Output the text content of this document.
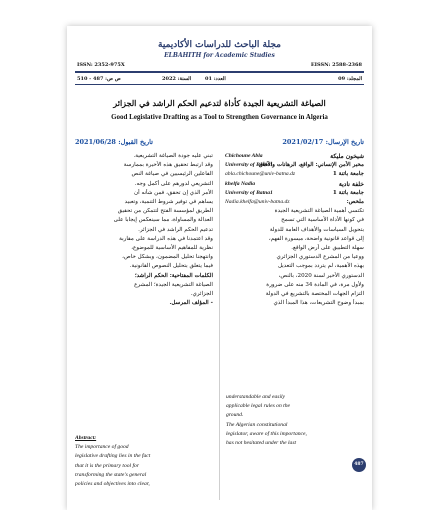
مجلة الباحث للدراسات الأكاديمية
ELBAHITH for Academic Studies
ISSN: 2352-975X	EISSN: 2588-2368
المجلد: 09
العدد: 01
السنة: 2022
ص ص: 487 - 510
الصياغة التشريعية الجيدة كأداة لتدعيم الحكم الراشد في الجزائر
Good Legislative Drafting as a Tool to Strengthen Governance in Algeria
تاريخ الإرسال: 2021/02/17
تاريخ القبول: 2021/06/28
شيخون مليكة
مخبر الأمن الإنساني: الواقع، الرهانات والآفاق
جامعة باتنة 1
خلفة نادية
جامعة باتنة 1
ملخص:
تكتسي أهمية الصياغة التشريعية الجيدة
في كونها الأداة الأساسية التي تسمح
بتحويل السياسات والأهداف العامة للدولة
إلى قواعد قانونية واضحة، ميسورة الفهم،
سهلة التطبيق على أرض الواقع.
ووعيا من المشرع الدستوري الجزائري
بهذه الأهمية، لم يتردد بموجب التعديل
الدستوري الأخير لسنة 2020، بالنص،
ولأول مرة، في المادة 34 منه على ضرورة
التزام الجهات المختصة بالتشريع في الدولة
بمبدأ وضوح التشريعات، هذا المبدأ الذي
Chichoune Abla
University of Batna1
abla.chichoune@univ-batna.dz
khelfa Nadia
University of Batna1
Nadia.khelfa@univ-batna.dz
تبني عليه جودة الصياغة التشريعية.
وقد ارتبط تحقيق هذه الأخيرة بممارسة
الفاعلين الرئيسيين في صياغة النص
التشريعي لدورهم على أكمل وجه.
الأمر الذي إن تحقق، فمن شأنه أن
يساهم في توفير شروط التنمية، وتعبيد
الطريق لمؤسسة الفتح لتتمكن من تحقيق
العدالة والمساواة، مما سينعكس إيجابا على
تدعيم الحكم الراشد في الجزائر.
وقد اعتمدنا في هذه الدراسة على مقاربة
نظرية للمفاهيم الأساسية للموضوع،
وانتهجنا تحليل المضمون، وبشكل خاص،
فيما يتعلق بتحليل النصوص القانونية.
الكلمات المفتاحية: الحكم الراشد؛
الصياغة التشريعية الجيدة؛ المشرع
الجزائري.
- المؤلف المرسل.
understandable and easily
applicable legal rules on the
ground.
The Algerian constitutional
legislator, aware of this importance,
has not hesitated under the last
Abstract:
The importance of good
legislative drafting lies in the fact
that it is the primary tool for
transforming the state's general
policies and objectives into clear,
487
